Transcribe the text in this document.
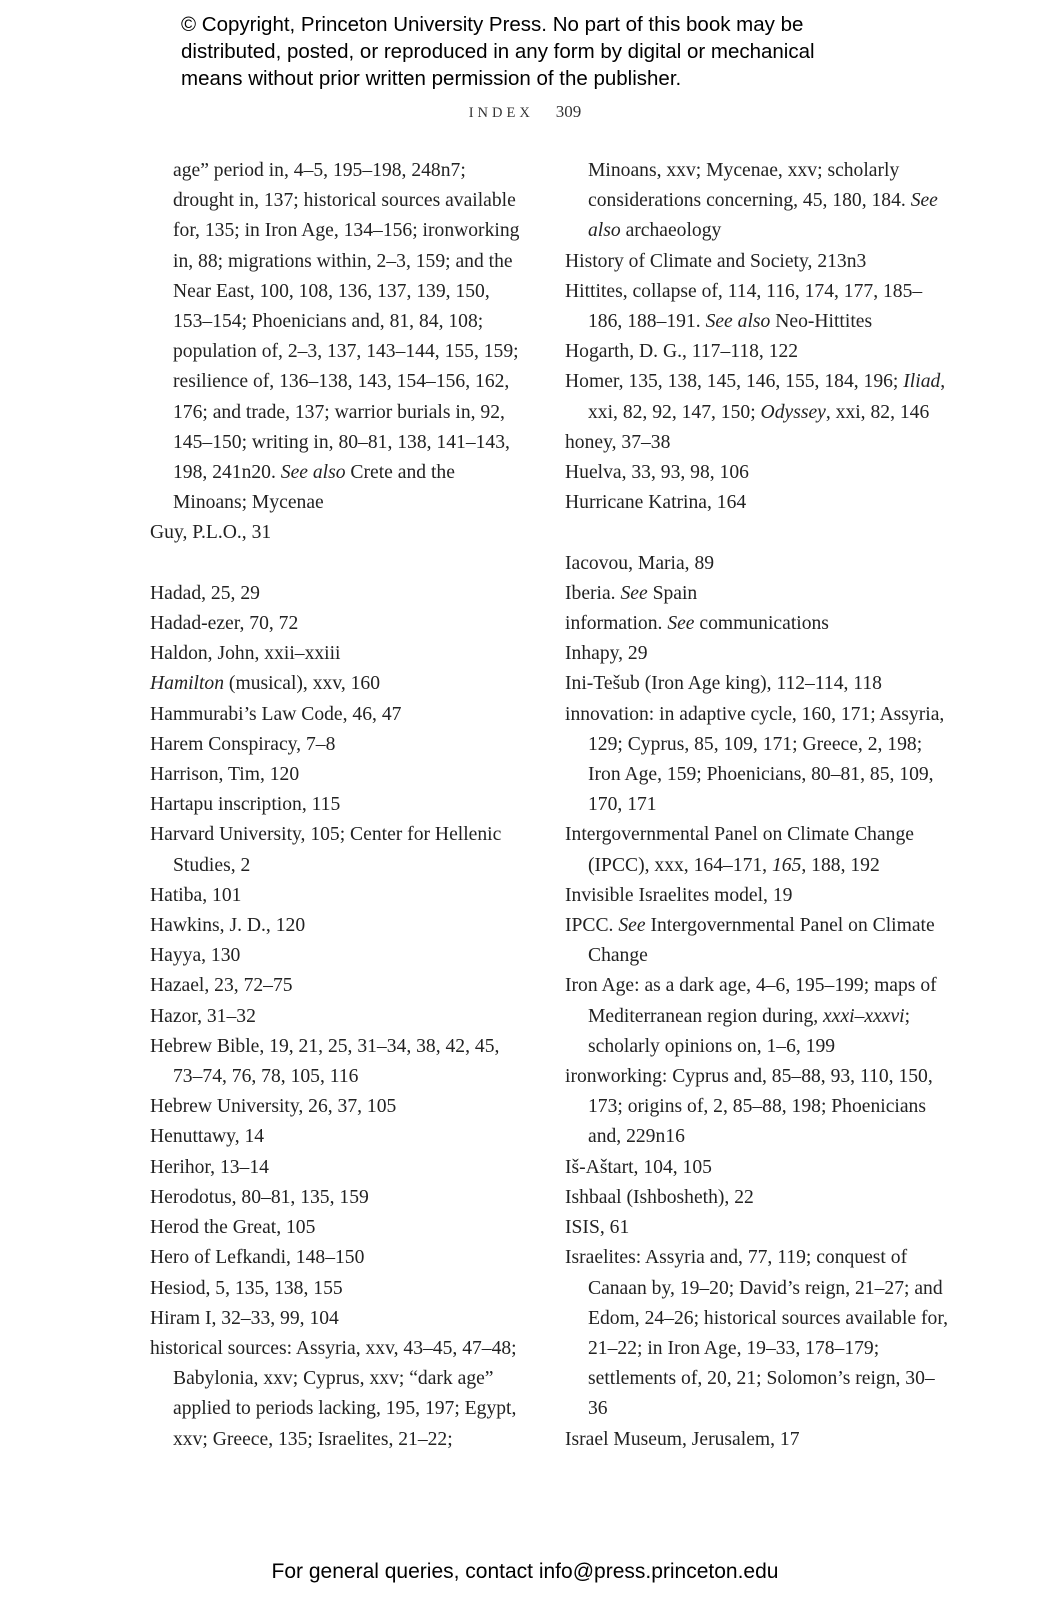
© Copyright, Princeton University Press. No part of this book may be
distributed, posted, or reproduced in any form by digital or mechanical
means without prior written permission of the publisher.
INDEX 309
age” period in, 4–5, 195–198, 248n7; drought in, 137; historical sources available for, 135; in Iron Age, 134–156; ironworking in, 88; migrations within, 2–3, 159; and the Near East, 100, 108, 136, 137, 139, 150, 153–154; Phoenicians and, 81, 84, 108; population of, 2–3, 137, 143–144, 155, 159; resilience of, 136–138, 143, 154–156, 162, 176; and trade, 137; warrior burials in, 92, 145–150; writing in, 80–81, 138, 141–143, 198, 241n20. See also Crete and the Minoans; Mycenae
Guy, P.L.O., 31
Hadad, 25, 29
Hadad-ezer, 70, 72
Haldon, John, xxii–xxiii
Hamilton (musical), xxv, 160
Hammurabi’s Law Code, 46, 47
Harem Conspiracy, 7–8
Harrison, Tim, 120
Hartapu inscription, 115
Harvard University, 105; Center for Hellenic Studies, 2
Hatiba, 101
Hawkins, J. D., 120
Hayya, 130
Hazael, 23, 72–75
Hazor, 31–32
Hebrew Bible, 19, 21, 25, 31–34, 38, 42, 45, 73–74, 76, 78, 105, 116
Hebrew University, 26, 37, 105
Henuttawy, 14
Herihor, 13–14
Herodotus, 80–81, 135, 159
Herod the Great, 105
Hero of Lefkandi, 148–150
Hesiod, 5, 135, 138, 155
Hiram I, 32–33, 99, 104
historical sources: Assyria, xxv, 43–45, 47–48; Babylonia, xxv; Cyprus, xxv; “dark age” applied to periods lacking, 195, 197; Egypt, xxv; Greece, 135; Israelites, 21–22;
Minoans, xxv; Mycenae, xxv; scholarly considerations concerning, 45, 180, 184. See also archaeology
History of Climate and Society, 213n3
Hittites, collapse of, 114, 116, 174, 177, 185–186, 188–191. See also Neo-Hittites
Hogarth, D. G., 117–118, 122
Homer, 135, 138, 145, 146, 155, 184, 196; Iliad, xxi, 82, 92, 147, 150; Odyssey, xxi, 82, 146
honey, 37–38
Huelva, 33, 93, 98, 106
Hurricane Katrina, 164
Iacovou, Maria, 89
Iberia. See Spain
information. See communications
Inhapy, 29
Ini-Tešub (Iron Age king), 112–114, 118
innovation: in adaptive cycle, 160, 171; Assyria, 129; Cyprus, 85, 109, 171; Greece, 2, 198; Iron Age, 159; Phoenicians, 80–81, 85, 109, 170, 171
Intergovernmental Panel on Climate Change (IPCC), xxx, 164–171, 165, 188, 192
Invisible Israelites model, 19
IPCC. See Intergovernmental Panel on Climate Change
Iron Age: as a dark age, 4–6, 195–199; maps of Mediterranean region during, xxxi–xxxvi; scholarly opinions on, 1–6, 199
ironworking: Cyprus and, 85–88, 93, 110, 150, 173; origins of, 2, 85–88, 198; Phoenicians and, 229n16
Iš-Aštart, 104, 105
Ishbaal (Ishbosheth), 22
ISIS, 61
Israelites: Assyria and, 77, 119; conquest of Canaan by, 19–20; David’s reign, 21–27; and Edom, 24–26; historical sources available for, 21–22; in Iron Age, 19–33, 178–179; settlements of, 20, 21; Solomon’s reign, 30–36
Israel Museum, Jerusalem, 17
For general queries, contact info@press.princeton.edu
